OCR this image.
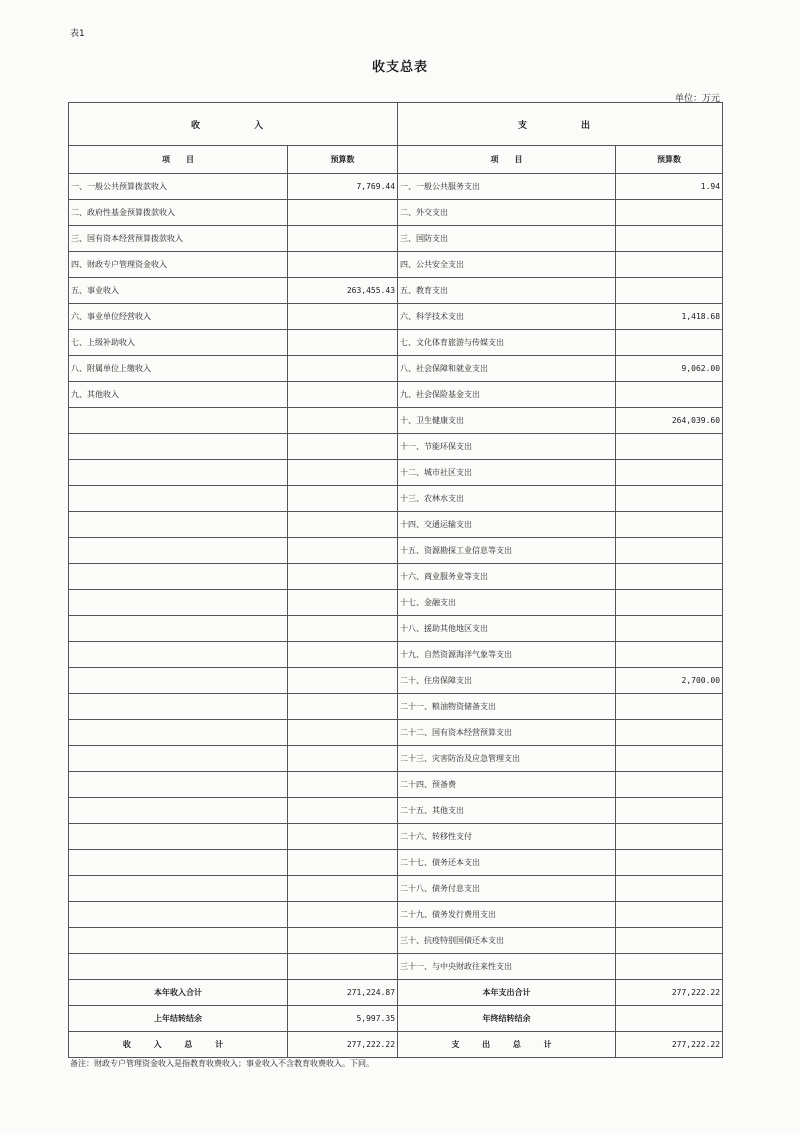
表1
收支总表
单位：万元
收　　入		支　　出	
项　　目	预算数	项　　目	预算数
一、一般公共预算拨款收入	7,769.44	一、一般公共服务支出	1.94
二、政府性基金预算拨款收入		二、外交支出	
三、国有资本经营预算拨款收入		三、国防支出	
四、财政专户管理资金收入		四、公共安全支出	
五、事业收入	263,455.43	五、教育支出	
六、事业单位经营收入		六、科学技术支出	1,418.68
七、上级补助收入		七、文化体育旅游与传媒支出	
八、附属单位上缴收入		八、社会保障和就业支出	9,062.00
九、其他收入		九、社会保险基金支出	
		十、卫生健康支出	264,039.60
		十一、节能环保支出	
		十二、城市社区支出	
		十三、农林水支出	
		十四、交通运输支出	
		十五、资源勘探工业信息等支出	
		十六、商业服务业等支出	
		十七、金融支出	
		十八、援助其他地区支出	
		十九、自然资源海洋气象等支出	
		二十、住房保障支出	2,700.00
		二十一、粮油物资储备支出	
		二十二、国有资本经营预算支出	
		二十三、灾害防治及应急管理支出	
		二十四、预备费	
		二十五、其他支出	
		二十六、转移性支付	
		二十七、债务还本支出	
		二十八、债务付息支出	
		二十九、债务发行费用支出	
		三十、抗疫特别国债还本支出	
		三十一、与中央财政往来性支出	
本年收入合计	271,224.87	本年支出合计	277,222.22
上年结转结余	5,997.35	年终结转结余	
收 入 总 计	277,222.22	支 出 总 计	277,222.22
备注：财政专户管理资金收入是指教育收费收入；事业收入不含教育收费收入。下同。
